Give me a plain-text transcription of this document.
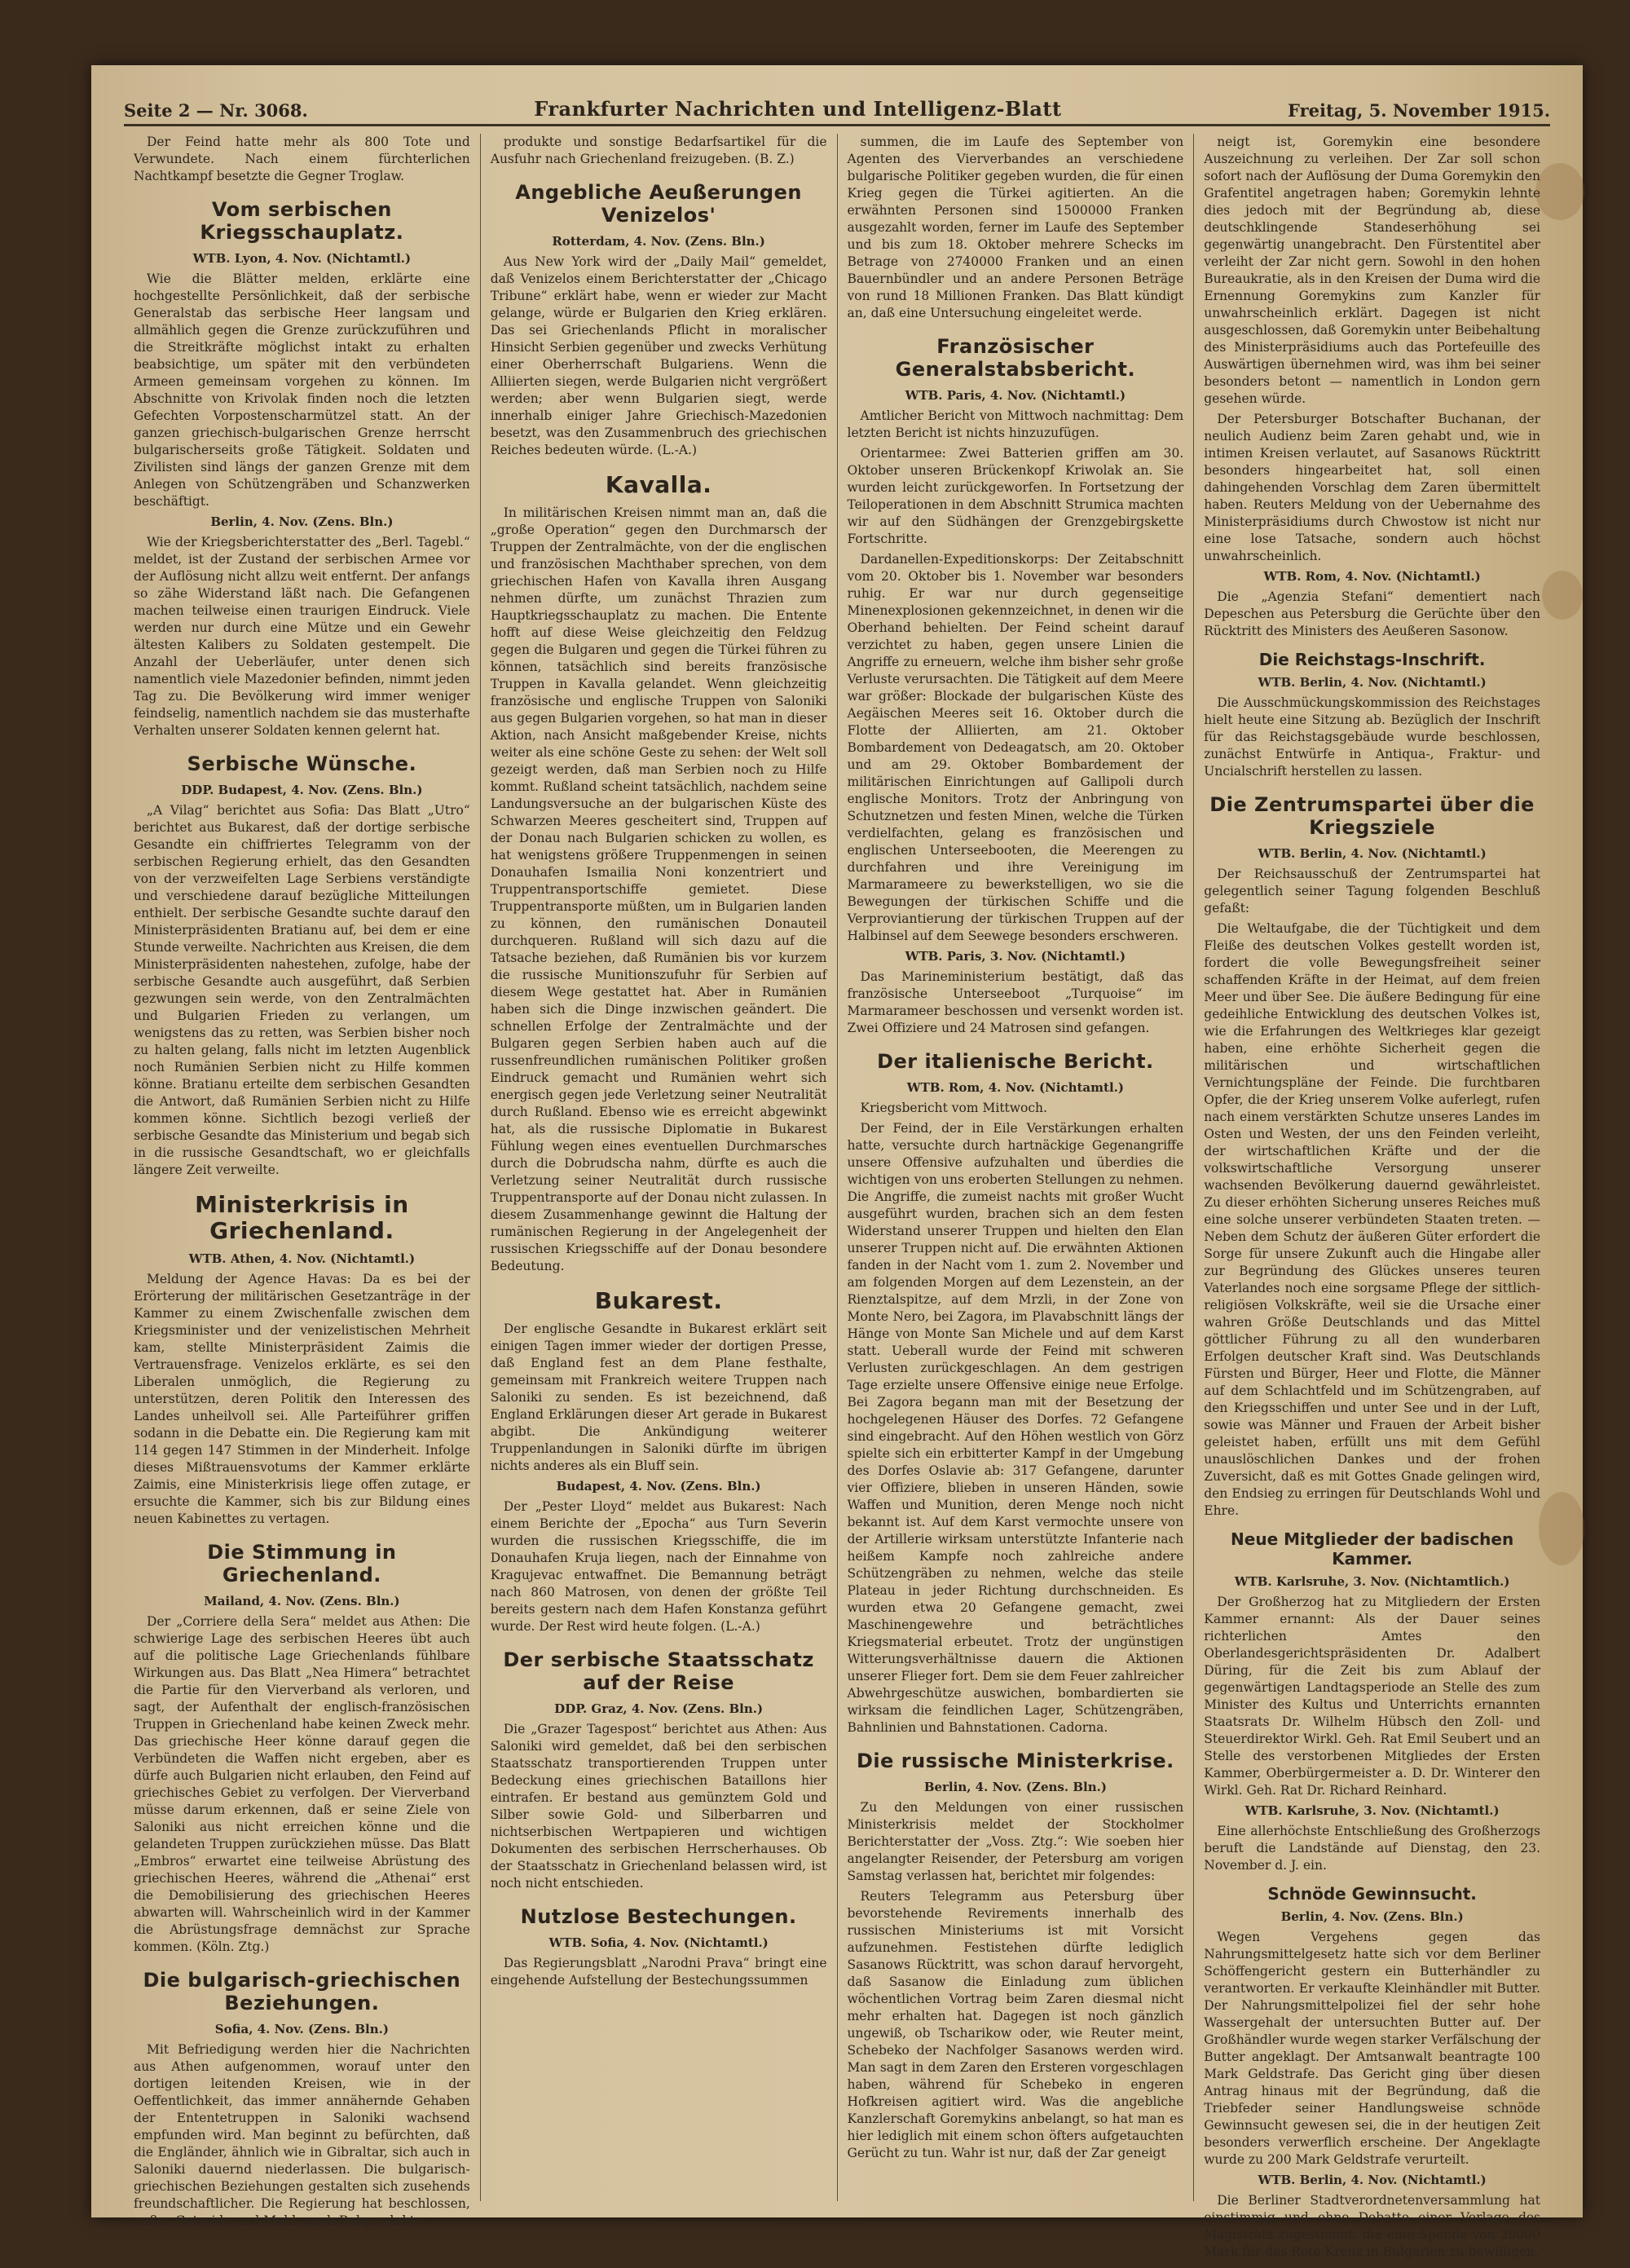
Seite 2 — Nr. 3068.	Frankfurter Nachrichten und Intelligenz-Blatt	Freitag, 5. November 1915.

Der Feind hatte mehr als 800 Tote und Verwundete. Nach einem fürchterlichen Nachtkampf besetzte die Gegner Troglaw.

Vom serbischen Kriegsschauplatz.
WTB. Lyon, 4. Nov. (Nichtamtl.)

Wie die Blätter melden, erklärte eine hochgestellte Persönlichkeit, daß der serbische Generalstab das serbische Heer langsam und allmählich gegen die Grenze zurückzuführen und die Streitkräfte möglichst intakt zu erhalten beabsichtige, um später mit den verbündeten Armeen gemeinsam vorgehen zu können. Im Abschnitte von Krivolak finden noch die letzten Gefechten Vorpostenscharmützel statt. An der ganzen griechisch-bulgarischen Grenze herrscht bulgarischerseits große Tätigkeit. Soldaten und Zivilisten sind längs der ganzen Grenze mit dem Anlegen von Schützengräben und Schanzwerken beschäftigt.

Berlin, 4. Nov. (Zens. Bln.)

Wie der Kriegsberichterstatter des „Berl. Tagebl.“ meldet, ist der Zustand der serbischen Armee vor der Auflösung nicht allzu weit entfernt. Der anfangs so zähe Widerstand läßt nach. Die Gefangenen machen teilweise einen traurigen Eindruck. Viele werden nur durch eine Mütze und ein Gewehr ältesten Kalibers zu Soldaten gestempelt. Die Anzahl der Ueberläufer, unter denen sich namentlich viele Mazedonier befinden, nimmt jeden Tag zu. Die Bevölkerung wird immer weniger feindselig, namentlich nachdem sie das musterhafte Verhalten unserer Soldaten kennen gelernt hat.

Serbische Wünsche.
DDP. Budapest, 4. Nov. (Zens. Bln.)

„A Vilag“ berichtet aus Sofia: Das Blatt „Utro“ berichtet aus Bukarest, daß der dortige serbische Gesandte ein chiffriertes Telegramm von der serbischen Regierung erhielt, das den Gesandten von der verzweifelten Lage Serbiens verständigte und verschiedene darauf bezügliche Mitteilungen enthielt. Der serbische Gesandte suchte darauf den Ministerpräsidenten Bratianu auf, bei dem er eine Stunde verweilte. Nachrichten aus Kreisen, die dem Ministerpräsidenten nahestehen, zufolge, habe der serbische Gesandte auch ausgeführt, daß Serbien gezwungen sein werde, von den Zentralmächten und Bulgarien Frieden zu verlangen, um wenigstens das zu retten, was Serbien bisher noch zu halten gelang, falls nicht im letzten Augenblick noch Rumänien Serbien nicht zu Hilfe kommen könne. Bratianu erteilte dem serbischen Gesandten die Antwort, daß Rumänien Serbien nicht zu Hilfe kommen könne. Sichtlich bezogi verließ der serbische Gesandte das Ministerium und begab sich in die russische Gesandtschaft, wo er gleichfalls längere Zeit verweilte.

Ministerkrisis in Griechenland.
WTB. Athen, 4. Nov. (Nichtamtl.)

Meldung der Agence Havas: Da es bei der Erörterung der militärischen Gesetzanträge in der Kammer zu einem Zwischenfalle zwischen dem Kriegsminister und der venizelistischen Mehrheit kam, stellte Ministerpräsident Zaimis die Vertrauensfrage. Venizelos erklärte, es sei den Liberalen unmöglich, die Regierung zu unterstützen, deren Politik den Interessen des Landes unheilvoll sei. Alle Parteiführer griffen sodann in die Debatte ein. Die Regierung kam mit 114 gegen 147 Stimmen in der Minderheit. Infolge dieses Mißtrauensvotums der Kammer erklärte Zaimis, eine Ministerkrisis liege offen zutage, er ersuchte die Kammer, sich bis zur Bildung eines neuen Kabinettes zu vertagen.

Die Stimmung in Griechenland.
Mailand, 4. Nov. (Zens. Bln.)

Der „Corriere della Sera“ meldet aus Athen: Die schwierige Lage des serbischen Heeres übt auch auf die politische Lage Griechenlands fühlbare Wirkungen aus. Das Blatt „Nea Himera“ betrachtet die Partie für den Vierverband als verloren, und sagt, der Aufenthalt der englisch-französischen Truppen in Griechenland habe keinen Zweck mehr. Das griechische Heer könne darauf gegen die Verbündeten die Waffen nicht ergeben, aber es dürfe auch Bulgarien nicht erlauben, den Feind auf griechisches Gebiet zu verfolgen. Der Vierverband müsse darum erkennen, daß er seine Ziele von Saloniki aus nicht erreichen könne und die gelandeten Truppen zurückziehen müsse. Das Blatt „Embros“ erwartet eine teilweise Abrüstung des griechischen Heeres, während die „Athenai“ erst die Demobilisierung des griechischen Heeres abwarten will. Wahrscheinlich wird in der Kammer die Abrüstungsfrage demnächst zur Sprache kommen. (Köln. Ztg.)

Die bulgarisch-griechischen Beziehungen.
Sofia, 4. Nov. (Zens. Bln.)

Mit Befriedigung werden hier die Nachrichten aus Athen aufgenommen, worauf unter den dortigen leitenden Kreisen, wie in der Oeffentlichkeit, das immer annähernde Gehaben der Ententetruppen in Saloniki wachsend empfunden wird. Man beginnt zu befürchten, daß die Engländer, ähnlich wie in Gibraltar, sich auch in Saloniki dauernd niederlassen. Die bulgarisch-griechischen Beziehungen gestalten sich zusehends freundschaftlicher. Die Regierung hat beschlossen, außer Getreide und Mehl, auch Rohprodukte

produkte und sonstige Bedarfsartikel für die Ausfuhr nach Griechenland freizugeben. (B. Z.)

Angebliche Aeußerungen Venizelos'
Rotterdam, 4. Nov. (Zens. Bln.)

Aus New York wird der „Daily Mail“ gemeldet, daß Venizelos einem Berichterstatter der „Chicago Tribune“ erklärt habe, wenn er wieder zur Macht gelange, würde er Bulgarien den Krieg erklären. Das sei Griechenlands Pflicht in moralischer Hinsicht Serbien gegenüber und zwecks Verhütung einer Oberherrschaft Bulgariens. Wenn die Alliierten siegen, werde Bulgarien nicht vergrößert werden; aber wenn Bulgarien siegt, werde innerhalb einiger Jahre Griechisch-Mazedonien besetzt, was den Zusammenbruch des griechischen Reiches bedeuten würde. (L.-A.)

Kavalla.

In militärischen Kreisen nimmt man an, daß die „große Operation“ gegen den Durchmarsch der Truppen der Zentralmächte, von der die englischen und französischen Machthaber sprechen, von dem griechischen Hafen von Kavalla ihren Ausgang nehmen dürfte, um zunächst Thrazien zum Hauptkriegsschauplatz zu machen. Die Entente hofft auf diese Weise gleichzeitig den Feldzug gegen die Bulgaren und gegen die Türkei führen zu können, tatsächlich sind bereits französische Truppen in Kavalla gelandet. Wenn gleichzeitig französische und englische Truppen von Saloniki aus gegen Bulgarien vorgehen, so hat man in dieser Aktion, nach Ansicht maßgebender Kreise, nichts weiter als eine schöne Geste zu sehen: der Welt soll gezeigt werden, daß man Serbien noch zu Hilfe kommt. Rußland scheint tatsächlich, nachdem seine Landungsversuche an der bulgarischen Küste des Schwarzen Meeres gescheitert sind, Truppen auf der Donau nach Bulgarien schicken zu wollen, es hat wenigstens größere Truppenmengen in seinen Donauhafen Ismailia Noni konzentriert und Truppentransportschiffe gemietet. Diese Truppentransporte müßten, um in Bulgarien landen zu können, den rumänischen Donauteil durchqueren. Rußland will sich dazu auf die Tatsache beziehen, daß Rumänien bis vor kurzem die russische Munitionszufuhr für Serbien auf diesem Wege gestattet hat. Aber in Rumänien haben sich die Dinge inzwischen geändert. Die schnellen Erfolge der Zentralmächte und der Bulgaren gegen Serbien haben auch auf die russenfreundlichen rumänischen Politiker großen Eindruck gemacht und Rumänien wehrt sich energisch gegen jede Verletzung seiner Neutralität durch Rußland. Ebenso wie es erreicht abgewinkt hat, als die russische Diplomatie in Bukarest Fühlung wegen eines eventuellen Durchmarsches durch die Dobrudscha nahm, dürfte es auch die Verletzung seiner Neutralität durch russische Truppentransporte auf der Donau nicht zulassen. In diesem Zusammenhange gewinnt die Haltung der rumänischen Regierung in der Angelegenheit der russischen Kriegsschiffe auf der Donau besondere Bedeutung.

Bukarest.

Der englische Gesandte in Bukarest erklärt seit einigen Tagen immer wieder der dortigen Presse, daß England fest an dem Plane festhalte, gemeinsam mit Frankreich weitere Truppen nach Saloniki zu senden. Es ist bezeichnend, daß England Erklärungen dieser Art gerade in Bukarest abgibt. Die Ankündigung weiterer Truppenlandungen in Saloniki dürfte im übrigen nichts anderes als ein Bluff sein.

Budapest, 4. Nov. (Zens. Bln.)

Der „Pester Lloyd“ meldet aus Bukarest: Nach einem Berichte der „Epocha“ aus Turn Severin wurden die russischen Kriegsschiffe, die im Donauhafen Kruja liegen, nach der Einnahme von Kragujevac entwaffnet. Die Bemannung beträgt nach 860 Matrosen, von denen der größte Teil bereits gestern nach dem Hafen Konstanza geführt wurde. Der Rest wird heute folgen. (L.-A.)

Der serbische Staatsschatz auf der Reise
DDP. Graz, 4. Nov. (Zens. Bln.)

Die „Grazer Tagespost“ berichtet aus Athen: Aus Saloniki wird gemeldet, daß bei den serbischen Staatsschatz transportierenden Truppen unter Bedeckung eines griechischen Bataillons hier eintrafen. Er bestand aus gemünztem Gold und Silber sowie Gold- und Silberbarren und nichtserbischen Wertpapieren und wichtigen Dokumenten des serbischen Herrscherhauses. Ob der Staatsschatz in Griechenland belassen wird, ist noch nicht entschieden.

Nutzlose Bestechungen.
WTB. Sofia, 4. Nov. (Nichtamtl.)

Das Regierungsblatt „Narodni Prava“ bringt eine eingehende Aufstellung der Bestechungssummen

summen, die im Laufe des September von Agenten des Vierverbandes an verschiedene bulgarische Politiker gegeben wurden, die für einen Krieg gegen die Türkei agitierten. An die erwähnten Personen sind 1500000 Franken ausgezahlt worden, ferner im Laufe des September und bis zum 18. Oktober mehrere Schecks im Betrage von 2740000 Franken und an einen Bauernbündler und an andere Personen Beträge von rund 18 Millionen Franken. Das Blatt kündigt an, daß eine Untersuchung eingeleitet werde.

Französischer Generalstabsbericht.
WTB. Paris, 4. Nov. (Nichtamtl.)

Amtlicher Bericht von Mittwoch nachmittag: Dem letzten Bericht ist nichts hinzuzufügen.

Orientarmee: Zwei Batterien griffen am 30. Oktober unseren Brückenkopf Kriwolak an. Sie wurden leicht zurückgeworfen. In Fortsetzung der Teiloperationen in dem Abschnitt Strumica machten wir auf den Südhängen der Grenzgebirgskette Fortschritte.

Dardanellen-Expeditionskorps: Der Zeitabschnitt vom 20. Oktober bis 1. November war besonders ruhig. Er war nur durch gegenseitige Minenexplosionen gekennzeichnet, in denen wir die Oberhand behielten. Der Feind scheint darauf verzichtet zu haben, gegen unsere Linien die Angriffe zu erneuern, welche ihm bisher sehr große Verluste verursachten. Die Tätigkeit auf dem Meere war größer: Blockade der bulgarischen Küste des Aegäischen Meeres seit 16. Oktober durch die Flotte der Alliierten, am 21. Oktober Bombardement von Dedeagatsch, am 20. Oktober und am 29. Oktober Bombardement der militärischen Einrichtungen auf Gallipoli durch englische Monitors. Trotz der Anbringung von Schutznetzen und festen Minen, welche die Türken verdielfachten, gelang es französischen und englischen Unterseebooten, die Meerengen zu durchfahren und ihre Vereinigung im Marmarameere zu bewerkstelligen, wo sie die Bewegungen der türkischen Schiffe und die Verproviantierung der türkischen Truppen auf der Halbinsel auf dem Seewege besonders erschweren.

WTB. Paris, 3. Nov. (Nichtamtl.)

Das Marineministerium bestätigt, daß das französische Unterseeboot „Turquoise“ im Marmarameer beschossen und versenkt worden ist. Zwei Offiziere und 24 Matrosen sind gefangen.

Der italienische Bericht.
WTB. Rom, 4. Nov. (Nichtamtl.)

Kriegsbericht vom Mittwoch.

Der Feind, der in Eile Verstärkungen erhalten hatte, versuchte durch hartnäckige Gegenangriffe unsere Offensive aufzuhalten und überdies die wichtigen von uns eroberten Stellungen zu nehmen. Die Angriffe, die zumeist nachts mit großer Wucht ausgeführt wurden, brachen sich an dem festen Widerstand unserer Truppen und hielten den Elan unserer Truppen nicht auf. Die erwähnten Aktionen fanden in der Nacht vom 1. zum 2. November und am folgenden Morgen auf dem Lezenstein, an der Rienztalspitze, auf dem Mrzli, in der Zone von Monte Nero, bei Zagora, im Plavabschnitt längs der Hänge von Monte San Michele und auf dem Karst statt. Ueberall wurde der Feind mit schweren Verlusten zurückgeschlagen. An dem gestrigen Tage erzielte unsere Offensive einige neue Erfolge. Bei Zagora begann man mit der Besetzung der hochgelegenen Häuser des Dorfes. 72 Gefangene sind eingebracht. Auf den Höhen westlich von Görz spielte sich ein erbitterter Kampf in der Umgebung des Dorfes Oslavie ab: 317 Gefangene, darunter vier Offiziere, blieben in unseren Händen, sowie Waffen und Munition, deren Menge noch nicht bekannt ist. Auf dem Karst vermochte unsere von der Artillerie wirksam unterstützte Infanterie nach heißem Kampfe noch zahlreiche andere Schützengräben zu nehmen, welche das steile Plateau in jeder Richtung durchschneiden. Es wurden etwa 20 Gefangene gemacht, zwei Maschinengewehre und beträchtliches Kriegsmaterial erbeutet. Trotz der ungünstigen Witterungsverhältnisse dauern die Aktionen unserer Flieger fort. Dem sie dem Feuer zahlreicher Abwehrgeschütze auswichen, bombardierten sie wirksam die feindlichen Lager, Schützengräben, Bahnlinien und Bahnstationen. Cadorna.

Die russische Ministerkrise.
Berlin, 4. Nov. (Zens. Bln.)

Zu den Meldungen von einer russischen Ministerkrisis meldet der Stockholmer Berichterstatter der „Voss. Ztg.“: Wie soeben hier angelangter Reisender, der Petersburg am vorigen Samstag verlassen hat, berichtet mir folgendes:

Reuters Telegramm aus Petersburg über bevorstehende Revirements innerhalb des russischen Ministeriums ist mit Vorsicht aufzunehmen. Festistehen dürfte lediglich Sasanows Rücktritt, was schon darauf hervorgeht, daß Sasanow die Einladung zum üblichen wöchentlichen Vortrag beim Zaren diesmal nicht mehr erhalten hat. Dagegen ist noch gänzlich ungewiß, ob Tscharikow oder, wie Reuter meint, Schebeko der Nachfolger Sasanows werden wird. Man sagt in dem Zaren den Ersteren vorgeschlagen haben, während für Schebeko in engeren Hofkreisen agitiert wird. Was die angebliche Kanzlerschaft Goremykins anbelangt, so hat man es hier lediglich mit einem schon öfters aufgetauchten Gerücht zu tun. Wahr ist nur, daß der Zar geneigt

neigt ist, Goremykin eine besondere Auszeichnung zu verleihen. Der Zar soll schon sofort nach der Auflösung der Duma Goremykin den Grafentitel angetragen haben; Goremykin lehnte dies jedoch mit der Begründung ab, diese deutschklingende Standeserhöhung sei gegenwärtig unangebracht. Den Fürstentitel aber verleiht der Zar nicht gern. Sowohl in den hohen Bureaukratie, als in den Kreisen der Duma wird die Ernennung Goremykins zum Kanzler für unwahrscheinlich erklärt. Dagegen ist nicht ausgeschlossen, daß Goremykin unter Beibehaltung des Ministerpräsidiums auch das Portefeuille des Auswärtigen übernehmen wird, was ihm bei seiner besonders betont — namentlich in London gern gesehen würde.

Der Petersburger Botschafter Buchanan, der neulich Audienz beim Zaren gehabt und, wie in intimen Kreisen verlautet, auf Sasanows Rücktritt besonders hingearbeitet hat, soll einen dahingehenden Vorschlag dem Zaren übermittelt haben. Reuters Meldung von der Uebernahme des Ministerpräsidiums durch Chwostow ist nicht nur eine lose Tatsache, sondern auch höchst unwahrscheinlich.

WTB. Rom, 4. Nov. (Nichtamtl.)

Die „Agenzia Stefani“ dementiert nach Depeschen aus Petersburg die Gerüchte über den Rücktritt des Ministers des Aeußeren Sasonow.

Die Reichstags-Inschrift.
WTB. Berlin, 4. Nov. (Nichtamtl.)

Die Ausschmückungskommission des Reichstages hielt heute eine Sitzung ab. Bezüglich der Inschrift für das Reichstagsgebäude wurde beschlossen, zunächst Entwürfe in Antiqua-, Fraktur- und Uncialschrift herstellen zu lassen.

Die Zentrumspartei über die Kriegsziele
WTB. Berlin, 4. Nov. (Nichtamtl.)

Der Reichsausschuß der Zentrumspartei hat gelegentlich seiner Tagung folgenden Beschluß gefaßt:

Die Weltaufgabe, die der Tüchtigkeit und dem Fleiße des deutschen Volkes gestellt worden ist, fordert die volle Bewegungsfreiheit seiner schaffenden Kräfte in der Heimat, auf dem freien Meer und über See. Die äußere Bedingung für eine gedeihliche Entwicklung des deutschen Volkes ist, wie die Erfahrungen des Weltkrieges klar gezeigt haben, eine erhöhte Sicherheit gegen die militärischen und wirtschaftlichen Vernichtungspläne der Feinde. Die furchtbaren Opfer, die der Krieg unserem Volke auferlegt, rufen nach einem verstärkten Schutze unseres Landes im Osten und Westen, der uns den Feinden verleiht, der wirtschaftlichen Kräfte und der die volkswirtschaftliche Versorgung unserer wachsenden Bevölkerung dauernd gewährleistet. Zu dieser erhöhten Sicherung unseres Reiches muß eine solche unserer verbündeten Staaten treten. — Neben dem Schutz der äußeren Güter erfordert die Sorge für unsere Zukunft auch die Hingabe aller zur Begründung des Glückes unseres teuren Vaterlandes noch eine sorgsame Pflege der sittlich-religiösen Volkskräfte, weil sie die Ursache einer wahren Größe Deutschlands und das Mittel göttlicher Führung zu all den wunderbaren Erfolgen deutscher Kraft sind. Was Deutschlands Fürsten und Bürger, Heer und Flotte, die Männer auf dem Schlachtfeld und im Schützengraben, auf den Kriegsschiffen und unter See und in der Luft, sowie was Männer und Frauen der Arbeit bisher geleistet haben, erfüllt uns mit dem Gefühl unauslöschlichen Dankes und der frohen Zuversicht, daß es mit Gottes Gnade gelingen wird, den Endsieg zu erringen für Deutschlands Wohl und Ehre.

Neue Mitglieder der badischen Kammer.
WTB. Karlsruhe, 3. Nov. (Nichtamtlich.)

Der Großherzog hat zu Mitgliedern der Ersten Kammer ernannt: Als der Dauer seines richterlichen Amtes den Oberlandesgerichtspräsidenten Dr. Adalbert Düring, für die Zeit bis zum Ablauf der gegenwärtigen Landtagsperiode an Stelle des zum Minister des Kultus und Unterrichts ernannten Staatsrats Dr. Wilhelm Hübsch den Zoll- und Steuerdirektor Wirkl. Geh. Rat Emil Seubert und an Stelle des verstorbenen Mitgliedes der Ersten Kammer, Oberbürgermeister a. D. Dr. Winterer den Wirkl. Geh. Rat Dr. Richard Reinhard.

WTB. Karlsruhe, 3. Nov. (Nichtamtl.)

Eine allerhöchste Entschließung des Großherzogs beruft die Landstände auf Dienstag, den 23. November d. J. ein.

Schnöde Gewinnsucht.
Berlin, 4. Nov. (Zens. Bln.)

Wegen Vergehens gegen das Nahrungsmittelgesetz hatte sich vor dem Berliner Schöffengericht gestern ein Butterhändler zu verantworten. Er verkaufte Kleinhändler mit Butter. Der Nahrungsmittelpolizei fiel der sehr hohe Wassergehalt der untersuchten Butter auf. Der Großhändler wurde wegen starker Verfälschung der Butter angeklagt. Der Amtsanwalt beantragte 100 Mark Geldstrafe. Das Gericht ging über diesen Antrag hinaus mit der Begründung, daß die Triebfeder seiner Handlungsweise schnöde Gewinnsucht gewesen sei, die in der heutigen Zeit besonders verwerflich erscheine. Der Angeklagte wurde zu 200 Mark Geldstrafe verurteilt.

WTB. Berlin, 4. Nov. (Nichtamtl.)

Die Berliner Stadtverordnetenversammlung hat einstimmig und ohne Debatte einer Vorlage des Magistrats zugestimmt, die eine Spende von 20000 Mark für das Rote Kreuz in Bulgarien zu bewilligen.
